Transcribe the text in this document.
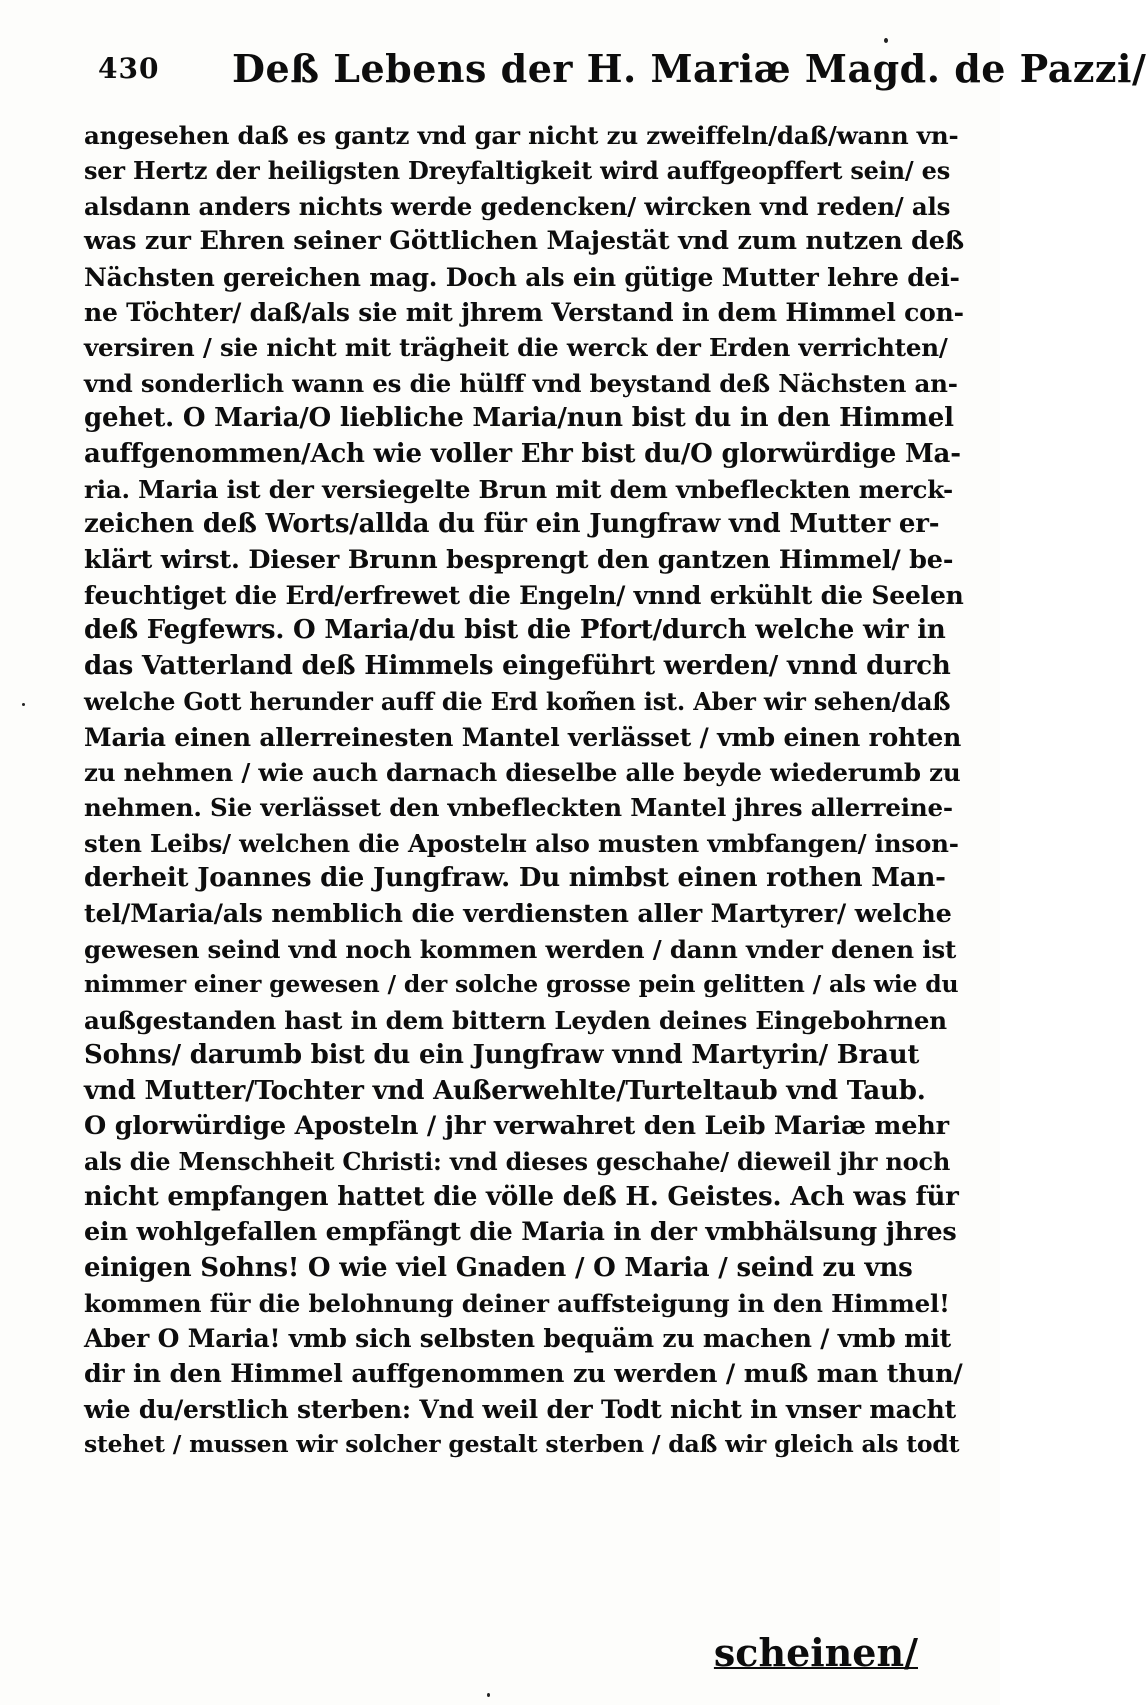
430 Deß Lebens der H. Mariæ Magd. de Pazzi/
angesehen daß es gantz vnd gar nicht zu zweiffeln/daß/wann vn-
ser Hertz der heiligsten Dreyfaltigkeit wird auffgeopffert sein/ es
alsdann anders nichts werde gedencken/ wircken vnd reden/ als
was zur Ehren seiner Göttlichen Majestät vnd zum nutzen deß
Nächsten gereichen mag. Doch als ein gütige Mutter lehre dei-
ne Töchter/ daß/als sie mit jhrem Verstand in dem Himmel con-
versiren / sie nicht mit trägheit die werck der Erden verrichten/
vnd sonderlich wann es die hülff vnd beystand deß Nächsten an-
gehet. O Maria/O liebliche Maria/nun bist du in den Himmel
auffgenommen/Ach wie voller Ehr bist du/O glorwürdige Ma-
ria. Maria ist der versiegelte Brun mit dem vnbefleckten merck-
zeichen deß Worts/allda du für ein Jungfraw vnd Mutter er-
klärt wirst. Dieser Brunn besprengt den gantzen Himmel/ be-
feuchtiget die Erd/erfrewet die Engeln/ vnnd erkühlt die Seelen
deß Fegfewrs. O Maria/du bist die Pfort/durch welche wir in
das Vatterland deß Himmels eingeführt werden/ vnnd durch
welche Gott herunder auff die Erd kom̃en ist. Aber wir sehen/daß
Maria einen allerreinesten Mantel verlässet / vmb einen rohten
zu nehmen / wie auch darnach dieselbe alle beyde wiederumb zu
nehmen. Sie verlässet den vnbefleckten Mantel jhres allerreine-
sten Leibs/ welchen die Apostelн also musten vmbfangen/ inson-
derheit Joannes die Jungfraw. Du nimbst einen rothen Man-
tel/Maria/als nemblich die verdiensten aller Martyrer/ welche
gewesen seind vnd noch kommen werden / dann vnder denen ist
nimmer einer gewesen / der solche grosse pein gelitten / als wie du
außgestanden hast in dem bittern Leyden deines Eingebohrnen
Sohns/ darumb bist du ein Jungfraw vnnd Martyrin/ Braut
vnd Mutter/Tochter vnd Außerwehlte/Turteltaub vnd Taub.
O glorwürdige Aposteln / jhr verwahret den Leib Mariæ mehr
als die Menschheit Christi: vnd dieses geschahe/ dieweil jhr noch
nicht empfangen hattet die völle deß H. Geistes. Ach was für
ein wohlgefallen empfängt die Maria in der vmbhälsung jhres
einigen Sohns! O wie viel Gnaden / O Maria / seind zu vns
kommen für die belohnung deiner auffsteigung in den Himmel!
Aber O Maria! vmb sich selbsten bequäm zu machen / vmb mit
dir in den Himmel auffgenommen zu werden / muß man thun/
wie du/erstlich sterben: Vnd weil der Todt nicht in vnser macht
stehet / mussen wir solcher gestalt sterben / daß wir gleich als todt
scheinen/
